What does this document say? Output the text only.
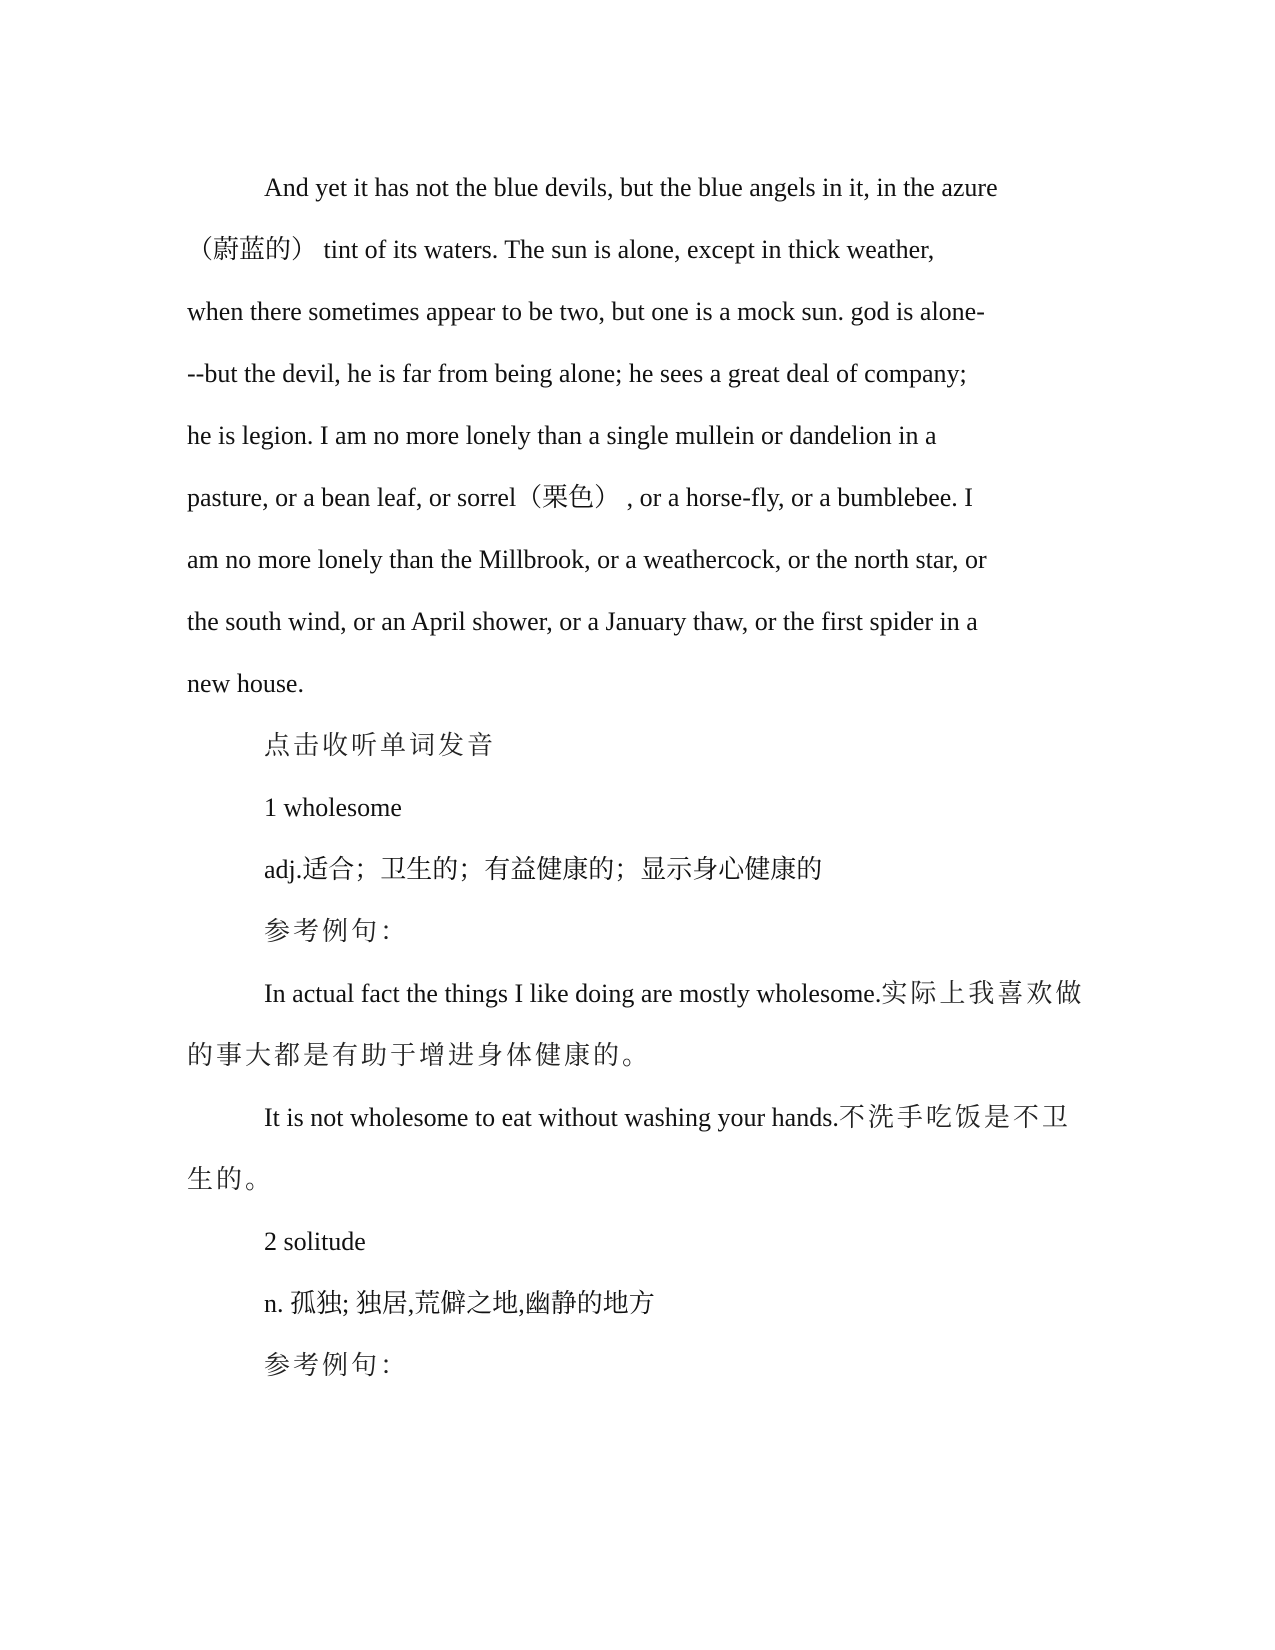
And yet it has not the blue devils, but the blue angels in it, in the azure

（蔚蓝的） tint of its waters. The sun is alone, except in thick weather,

when there sometimes appear to be two, but one is a mock sun. god is alone-

--but the devil, he is far from being alone; he sees a great deal of company;

he is legion. I am no more lonely than a single mullein or dandelion in a

pasture, or a bean leaf, or sorrel（栗色） , or a horse-fly, or a bumblebee. I

am no more lonely than the Millbrook, or a weathercock, or the north star, or

the south wind, or an April shower, or a January thaw, or the first spider in a

new house.

点击收听单词发音

1 wholesome

adj.适合；卫生的；有益健康的；显示身心健康的

参考例句：

In actual fact the things I like doing are mostly wholesome.实际上我喜欢做的事大都是有助于增进身体健康的。

It is not wholesome to eat without washing your hands.不洗手吃饭是不卫生的。

2 solitude

n. 孤独; 独居,荒僻之地,幽静的地方

参考例句：
